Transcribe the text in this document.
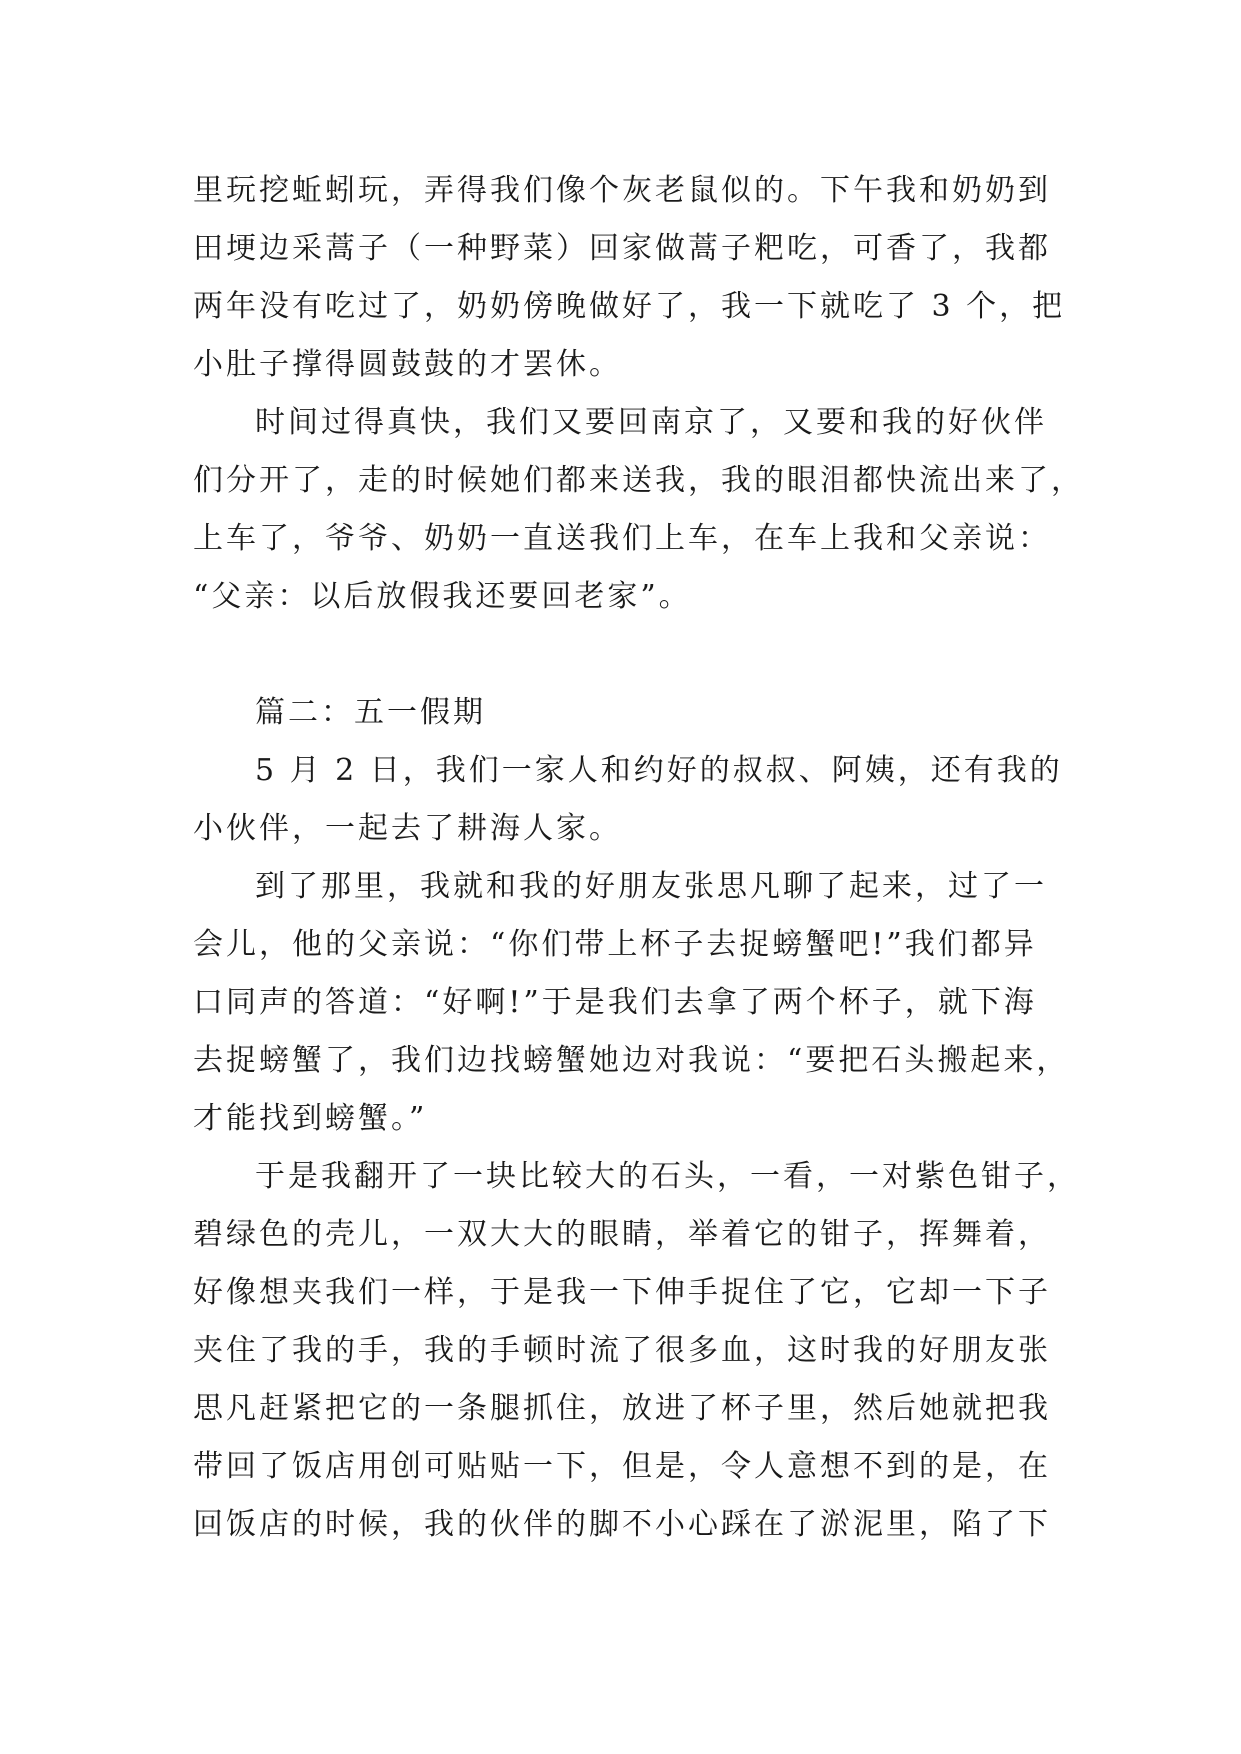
里玩挖蚯蚓玩，弄得我们像个灰老鼠似的。下午我和奶奶到
田埂边采蒿子（一种野菜）回家做蒿子粑吃，可香了，我都
两年没有吃过了，奶奶傍晚做好了，我一下就吃了 3 个，把
小肚子撑得圆鼓鼓的才罢休。
时间过得真快，我们又要回南京了，又要和我的好伙伴
们分开了，走的时候她们都来送我，我的眼泪都快流出来了，
上车了，爷爷、奶奶一直送我们上车，在车上我和父亲说：
“父亲：以后放假我还要回老家”。
篇二：五一假期
5 月 2 日，我们一家人和约好的叔叔、阿姨，还有我的
小伙伴，一起去了耕海人家。
到了那里，我就和我的好朋友张思凡聊了起来，过了一
会儿，他的父亲说：“你们带上杯子去捉螃蟹吧!”我们都异
口同声的答道：“好啊!”于是我们去拿了两个杯子，就下海
去捉螃蟹了，我们边找螃蟹她边对我说：“要把石头搬起来，
才能找到螃蟹。”
于是我翻开了一块比较大的石头，一看，一对紫色钳子，
碧绿色的壳儿，一双大大的眼睛，举着它的钳子，挥舞着，
好像想夹我们一样，于是我一下伸手捉住了它，它却一下子
夹住了我的手，我的手顿时流了很多血，这时我的好朋友张
思凡赶紧把它的一条腿抓住，放进了杯子里，然后她就把我
带回了饭店用创可贴贴一下，但是，令人意想不到的是，在
回饭店的时候，我的伙伴的脚不小心踩在了淤泥里，陷了下
